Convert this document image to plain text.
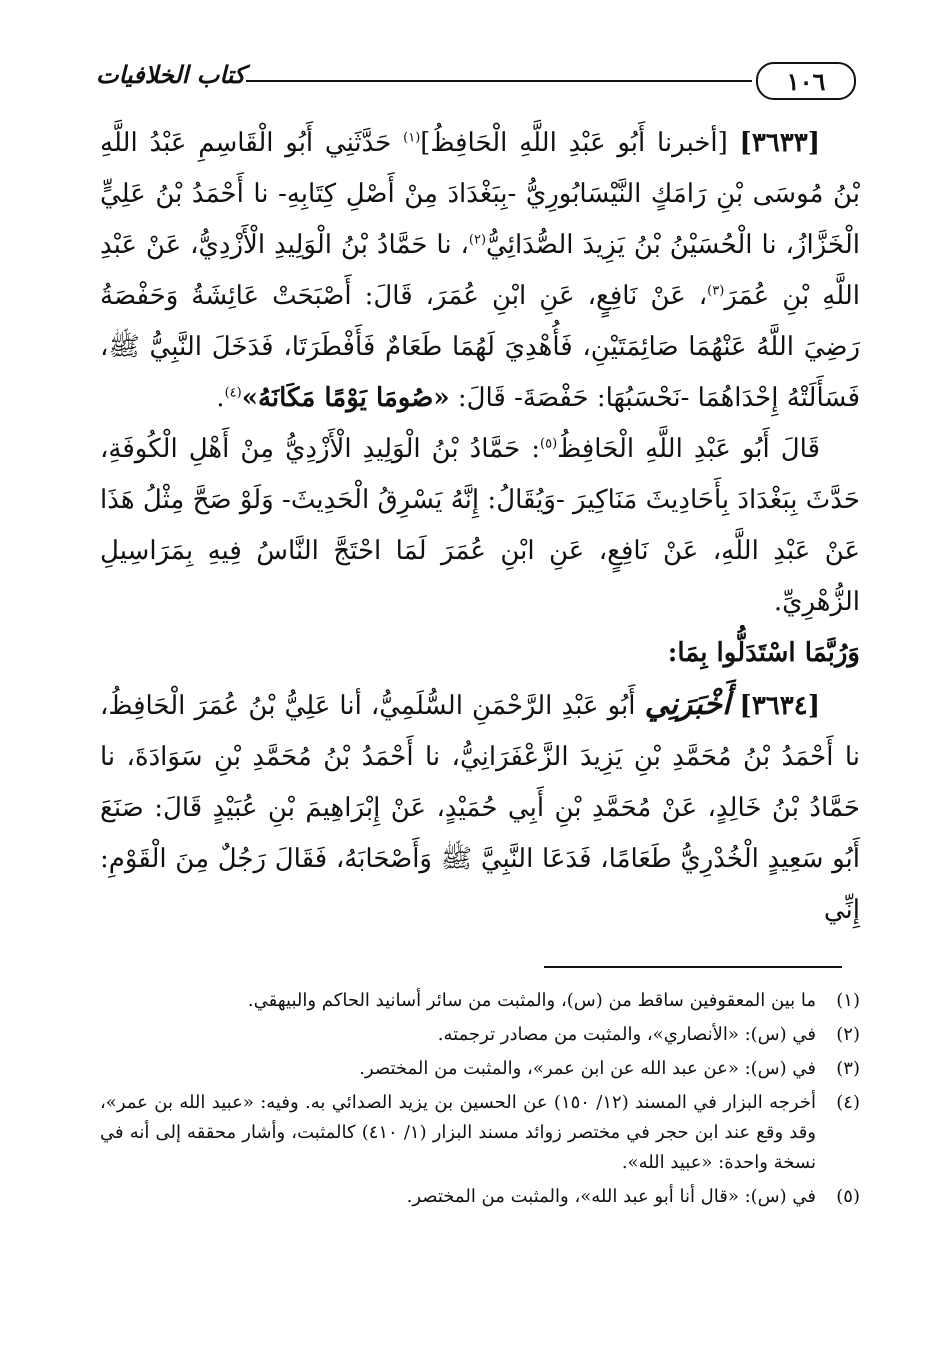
١٠٦
كتاب الخلافيات

[٣٦٣٣] [أخبرنا أَبُو عَبْدِ اللَّهِ الْحَافِظُ]$^{(١)}$ حَدَّثَنِي أَبُو الْقَاسِمِ عَبْدُ اللَّهِ بْنُ مُوسَى بْنِ رَامَكٍ النَّيْسَابُورِيُّ -بِبَغْدَادَ مِنْ أَصْلِ كِتَابِهِ- نا أَحْمَدُ بْنُ عَلِيٍّ الْخَزَّازُ، نا الْحُسَيْنُ بْنُ يَزِيدَ الصُّدَائِيُّ$^{(٢)}$، نا حَمَّادُ بْنُ الْوَلِيدِ الْأَزْدِيُّ، عَنْ عَبْدِ اللَّهِ بْنِ عُمَرَ$^{(٣)}$، عَنْ نَافِعٍ، عَنِ ابْنِ عُمَرَ، قَالَ: أَصْبَحَتْ عَائِشَةُ وَحَفْصَةُ رَضِيَ اللَّهُ عَنْهُمَا صَائِمَتَيْنِ، فَأُهْدِيَ لَهُمَا طَعَامٌ فَأَفْطَرَتَا، فَدَخَلَ النَّبِيُّ ﷺ، فَسَأَلَتْهُ إِحْدَاهُمَا -نَحْسَبُهَا: حَفْصَةَ- قَالَ: «صُومَا يَوْمًا مَكَانَهُ»$^{(٤)}$.

قَالَ أَبُو عَبْدِ اللَّهِ الْحَافِظُ$^{(٥)}$: حَمَّادُ بْنُ الْوَلِيدِ الْأَزْدِيُّ مِنْ أَهْلِ الْكُوفَةِ، حَدَّثَ بِبَغْدَادَ بِأَحَادِيثَ مَنَاكِيرَ -وَيُقَالُ: إِنَّهُ يَسْرِقُ الْحَدِيثَ- وَلَوْ صَحَّ مِثْلُ هَذَا عَنْ عَبْدِ اللَّهِ، عَنْ نَافِعٍ، عَنِ ابْنِ عُمَرَ لَمَا احْتَجَّ النَّاسُ فِيهِ بِمَرَاسِيلِ الزُّهْرِيِّ.

وَرُبَّمَا اسْتَدَلُّوا بِمَا:

[٣٦٣٤] أَخْبَرَنِي أَبُو عَبْدِ الرَّحْمَنِ السُّلَمِيُّ، أنا عَلِيُّ بْنُ عُمَرَ الْحَافِظُ، نا أَحْمَدُ بْنُ مُحَمَّدِ بْنِ يَزِيدَ الزَّعْفَرَانِيُّ، نا أَحْمَدُ بْنُ مُحَمَّدِ بْنِ سَوَادَةَ، نا حَمَّادُ بْنُ خَالِدٍ، عَنْ مُحَمَّدِ بْنِ أَبِي حُمَيْدٍ، عَنْ إِبْرَاهِيمَ بْنِ عُبَيْدٍ قَالَ: صَنَعَ أَبُو سَعِيدٍ الْخُدْرِيُّ طَعَامًا، فَدَعَا النَّبِيَّ ﷺ وَأَصْحَابَهُ، فَقَالَ رَجُلٌ مِنَ الْقَوْمِ: إِنِّي

(١)
ما بين المعقوفين ساقط من (س)، والمثبت من سائر أسانيد الحاكم والبيهقي.
(٢)
في (س): «الأنصاري»، والمثبت من مصادر ترجمته.
(٣)
في (س): «عن عبد الله عن ابن عمر»، والمثبت من المختصر.
(٤)
أخرجه البزار في المسند (١٢/ ١٥٠) عن الحسين بن يزيد الصدائي به. وفيه: «عبيد الله بن عمر»، وقد وقع عند ابن حجر في مختصر زوائد مسند البزار (١/ ٤١٠) كالمثبت، وأشار محققه إلى أنه في نسخة واحدة: «عبيد الله».
(٥)
في (س): «قال أنا أبو عبد الله»، والمثبت من المختصر.
